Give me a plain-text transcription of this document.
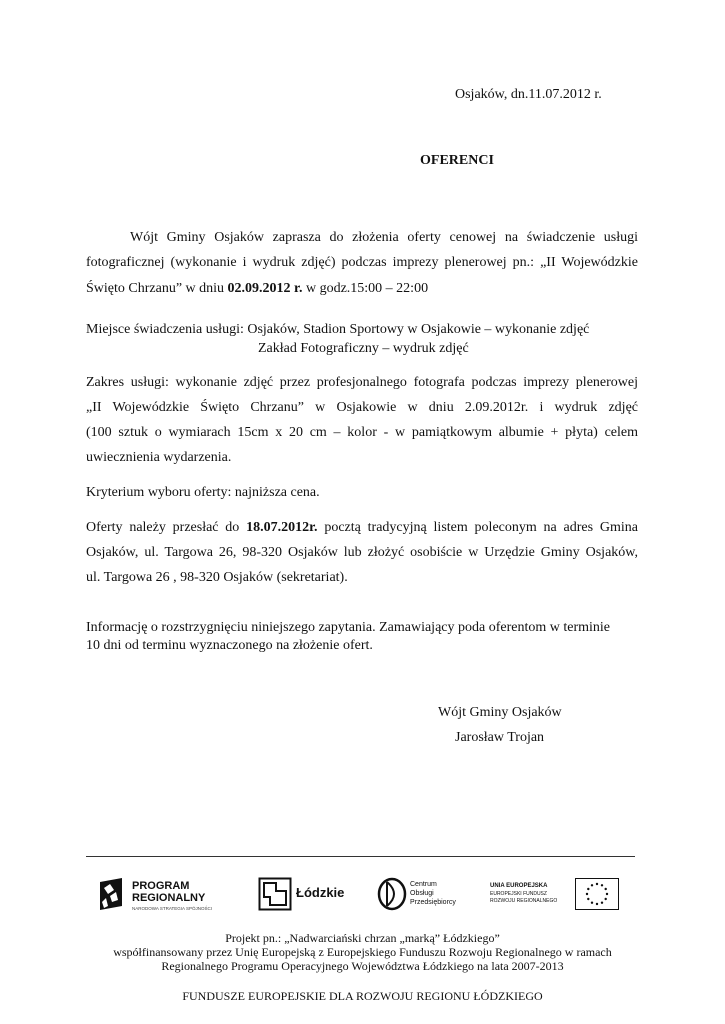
Osjaków, dn.11.07.2012 r.
OFERENCI
Wójt Gminy Osjaków zaprasza do złożenia oferty cenowej na świadczenie usługi
fotograficznej (wykonanie i wydruk zdjęć) podczas imprezy plenerowej pn.: „II Wojewódzkie
Święto Chrzanu” w dniu 02.09.2012 r. w godz.15:00 – 22:00
Miejsce świadczenia usługi: Osjaków, Stadion Sportowy w Osjakowie – wykonanie zdjęć
Zakład Fotograficzny – wydruk zdjęć
Zakres usługi: wykonanie zdjęć przez profesjonalnego fotografa podczas imprezy plenerowej
„II Wojewódzkie Święto Chrzanu” w Osjakowie w dniu 2.09.2012r. i wydruk zdjęć
(100 sztuk o wymiarach 15cm x 20 cm – kolor - w pamiątkowym albumie + płyta) celem
uwiecznienia wydarzenia.
Kryterium wyboru oferty: najniższa cena.
Oferty należy przesłać do 18.07.2012r. pocztą tradycyjną listem poleconym na adres Gmina
Osjaków, ul. Targowa 26, 98-320 Osjaków lub złożyć osobiście w Urzędzie Gminy Osjaków,
ul. Targowa 26 , 98-320 Osjaków (sekretariat).
Informację o rozstrzygnięciu niniejszego zapytania. Zamawiający poda oferentom w terminie
10 dni od terminu wyznaczonego na złożenie ofert.
Wójt Gminy Osjaków
Jarosław Trojan
PROGRAM
REGIONALNY
NARODOWA STRATEGIA SPÓJNOŚCI
Łódzkie
Centrum
Obsługi
Przedsiębiorcy
UNIA EUROPEJSKA
EUROPEJSKI FUNDUSZ
ROZWOJU REGIONALNEGO
Projekt pn.: „Nadwarciański chrzan „marką” Łódzkiego”
współfinansowany przez Unię Europejską z Europejskiego Funduszu Rozwoju Regionalnego w ramach
Regionalnego Programu Operacyjnego Województwa Łódzkiego na lata 2007-2013
FUNDUSZE EUROPEJSKIE DLA ROZWOJU REGIONU ŁÓDZKIEGO
